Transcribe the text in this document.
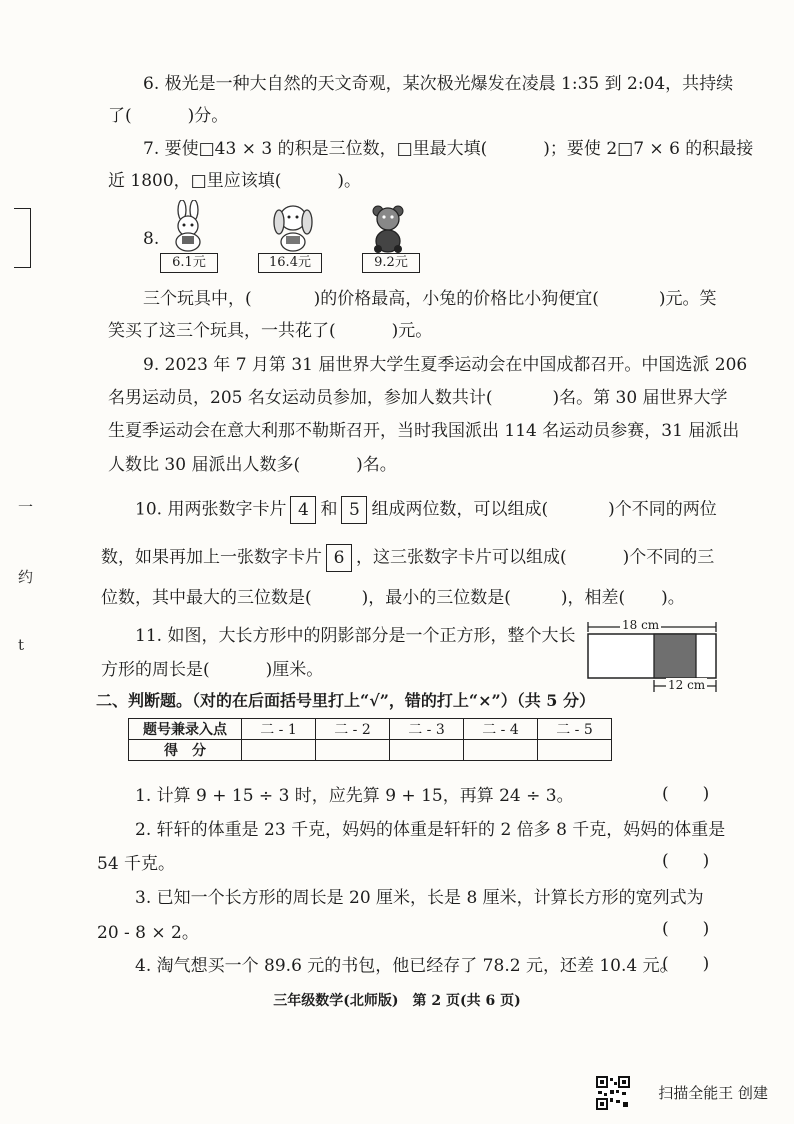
一
约
t
6. 极光是一种大自然的天文奇观，某次极光爆发在凌晨 1:35 到 2:04，共持续
了(	)分。
7. 要使□43 × 3 的积是三位数，□里最大填(	)；要使 2□7 × 6 的积最接
近 1800，□里应该填(	)。
8.
6.1元	16.4元	9.2元
三个玩具中，(	)的价格最高，小兔的价格比小狗便宜(	)元。笑
笑买了这三个玩具，一共花了(	)元。
9. 2023 年 7 月第 31 届世界大学生夏季运动会在中国成都召开。中国选派 206
名男运动员，205 名女运动员参加，参加人数共计(	)名。第 30 届世界大学
生夏季运动会在意大利那不勒斯召开，当时我国派出 114 名运动员参赛，31 届派出
人数比 30 届派出人数多(	)名。
10. 用两张数字卡片 4 和 5 组成两位数，可以组成(	)个不同的两位
数，如果再加上一张数字卡片 6 ，这三张数字卡片可以组成(	)个不同的三
位数，其中最大的三位数是(	)，最小的三位数是(	)，相差( )。
11. 如图，大长方形中的阴影部分是一个正方形，整个大长
方形的周长是(	)厘米。
18 cm
12 cm
二、判断题。（对的在后面括号里打上“√”，错的打上“×”）（共 5 分）
题号兼录入点	二 - 1	二 - 2	二 - 3	二 - 4	二 - 5
得　分					
1. 计算 9 + 15 ÷ 3 时，应先算 9 + 15，再算 24 ÷ 3。	(　　)
2. 轩轩的体重是 23 千克，妈妈的体重是轩轩的 2 倍多 8 千克，妈妈的体重是
54 千克。	(　　)
3. 已知一个长方形的周长是 20 厘米，长是 8 厘米，计算长方形的宽列式为
20 - 8 × 2。	(　　)
4. 淘气想买一个 89.6 元的书包，他已经存了 78.2 元，还差 10.4 元。
(　　)
三年级数学(北师版)　第 2 页(共 6 页)
扫描全能王 创建
